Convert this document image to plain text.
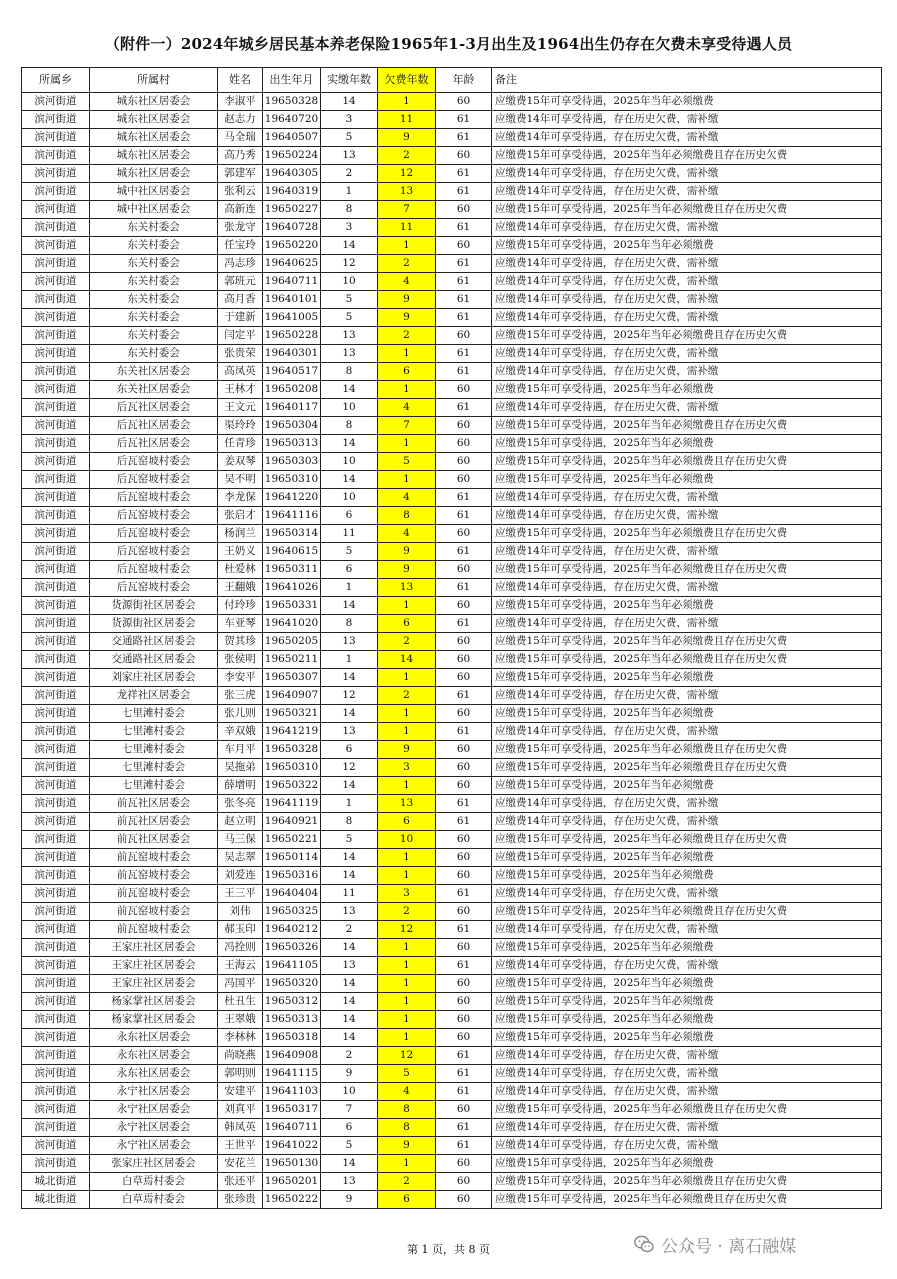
（附件一）2024年城乡居民基本养老保险1965年1-3月出生及1964出生仍存在欠费未享受待遇人员
所属乡	所属村	姓名	出生年月	实缴年数	欠费年数	年龄	备注
滨河街道	城东社区居委会	李淑平	19650328	14	1	60	应缴费15年可享受待遇，2025年当年必须缴费
滨河街道	城东社区居委会	赵志力	19640720	3	11	61	应缴费14年可享受待遇，存在历史欠费，需补缴
滨河街道	城东社区居委会	马全瑞	19640507	5	9	61	应缴费14年可享受待遇，存在历史欠费，需补缴
滨河街道	城东社区居委会	高乃秀	19650224	13	2	60	应缴费15年可享受待遇，2025年当年必须缴费且存在历史欠费
滨河街道	城东社区居委会	郭建军	19640305	2	12	61	应缴费14年可享受待遇，存在历史欠费，需补缴
滨河街道	城中社区居委会	张利云	19640319	1	13	61	应缴费14年可享受待遇，存在历史欠费，需补缴
滨河街道	城中社区居委会	高新连	19650227	8	7	60	应缴费15年可享受待遇，2025年当年必须缴费且存在历史欠费
滨河街道	东关村委会	张龙守	19640728	3	11	61	应缴费14年可享受待遇，存在历史欠费，需补缴
滨河街道	东关村委会	任宝玲	19650220	14	1	60	应缴费15年可享受待遇，2025年当年必须缴费
滨河街道	东关村委会	冯志珍	19640625	12	2	61	应缴费14年可享受待遇，存在历史欠费，需补缴
滨河街道	东关村委会	郭班元	19640711	10	4	61	应缴费14年可享受待遇，存在历史欠费，需补缴
滨河街道	东关村委会	高月香	19640101	5	9	61	应缴费14年可享受待遇，存在历史欠费，需补缴
滨河街道	东关村委会	于建新	19641005	5	9	61	应缴费14年可享受待遇，存在历史欠费，需补缴
滨河街道	东关村委会	闫定平	19650228	13	2	60	应缴费15年可享受待遇，2025年当年必须缴费且存在历史欠费
滨河街道	东关村委会	张贵荣	19640301	13	1	61	应缴费14年可享受待遇，存在历史欠费，需补缴
滨河街道	东关社区居委会	高凤英	19640517	8	6	61	应缴费14年可享受待遇，存在历史欠费，需补缴
滨河街道	东关社区居委会	王林才	19650208	14	1	60	应缴费15年可享受待遇，2025年当年必须缴费
滨河街道	后瓦社区居委会	王文元	19640117	10	4	61	应缴费14年可享受待遇，存在历史欠费，需补缴
滨河街道	后瓦社区居委会	渠玲玲	19650304	8	7	60	应缴费15年可享受待遇，2025年当年必须缴费且存在历史欠费
滨河街道	后瓦社区居委会	任青珍	19650313	14	1	60	应缴费15年可享受待遇，2025年当年必须缴费
滨河街道	后瓦窑坡村委会	姜双琴	19650303	10	5	60	应缴费15年可享受待遇，2025年当年必须缴费且存在历史欠费
滨河街道	后瓦窑坡村委会	吴不明	19650310	14	1	60	应缴费15年可享受待遇，2025年当年必须缴费
滨河街道	后瓦窑坡村委会	李龙保	19641220	10	4	61	应缴费14年可享受待遇，存在历史欠费，需补缴
滨河街道	后瓦窑坡村委会	张启才	19641116	6	8	61	应缴费14年可享受待遇，存在历史欠费，需补缴
滨河街道	后瓦窑坡村委会	杨润兰	19650314	11	4	60	应缴费15年可享受待遇，2025年当年必须缴费且存在历史欠费
滨河街道	后瓦窑坡村委会	王奶义	19640615	5	9	61	应缴费14年可享受待遇，存在历史欠费，需补缴
滨河街道	后瓦窑坡村委会	杜爱林	19650311	6	9	60	应缴费15年可享受待遇，2025年当年必须缴费且存在历史欠费
滨河街道	后瓦窑坡村委会	王翻娥	19641026	1	13	61	应缴费14年可享受待遇，存在历史欠费，需补缴
滨河街道	货源街社区居委会	付玲珍	19650331	14	1	60	应缴费15年可享受待遇，2025年当年必须缴费
滨河街道	货源街社区居委会	车亚琴	19641020	8	6	61	应缴费14年可享受待遇，存在历史欠费，需补缴
滨河街道	交通路社区居委会	贺其珍	19650205	13	2	60	应缴费15年可享受待遇，2025年当年必须缴费且存在历史欠费
滨河街道	交通路社区居委会	张侯明	19650211	1	14	60	应缴费15年可享受待遇，2025年当年必须缴费且存在历史欠费
滨河街道	刘家庄社区居委会	李安平	19650307	14	1	60	应缴费15年可享受待遇，2025年当年必须缴费
滨河街道	龙祥社区居委会	张三虎	19640907	12	2	61	应缴费14年可享受待遇，存在历史欠费，需补缴
滨河街道	七里滩村委会	张儿则	19650321	14	1	60	应缴费15年可享受待遇，2025年当年必须缴费
滨河街道	七里滩村委会	辛双娥	19641219	13	1	61	应缴费14年可享受待遇，存在历史欠费，需补缴
滨河街道	七里滩村委会	车月平	19650328	6	9	60	应缴费15年可享受待遇，2025年当年必须缴费且存在历史欠费
滨河街道	七里滩村委会	吴拖弟	19650310	12	3	60	应缴费15年可享受待遇，2025年当年必须缴费且存在历史欠费
滨河街道	七里滩村委会	薛增明	19650322	14	1	60	应缴费15年可享受待遇，2025年当年必须缴费
滨河街道	前瓦社区居委会	张冬亮	19641119	1	13	61	应缴费14年可享受待遇，存在历史欠费，需补缴
滨河街道	前瓦社区居委会	赵立明	19640921	8	6	61	应缴费14年可享受待遇，存在历史欠费，需补缴
滨河街道	前瓦社区居委会	马三保	19650221	5	10	60	应缴费15年可享受待遇，2025年当年必须缴费且存在历史欠费
滨河街道	前瓦窑坡村委会	吴志翠	19650114	14	1	60	应缴费15年可享受待遇，2025年当年必须缴费
滨河街道	前瓦窑坡村委会	刘爱连	19650316	14	1	60	应缴费15年可享受待遇，2025年当年必须缴费
滨河街道	前瓦窑坡村委会	王三平	19640404	11	3	61	应缴费14年可享受待遇，存在历史欠费，需补缴
滨河街道	前瓦窑坡村委会	刘伟	19650325	13	2	60	应缴费15年可享受待遇，2025年当年必须缴费且存在历史欠费
滨河街道	前瓦窑坡村委会	郝玉印	19640212	2	12	61	应缴费14年可享受待遇，存在历史欠费，需补缴
滨河街道	王家庄社区居委会	冯拴则	19650326	14	1	60	应缴费15年可享受待遇，2025年当年必须缴费
滨河街道	王家庄社区居委会	王海云	19641105	13	1	61	应缴费14年可享受待遇，存在历史欠费，需补缴
滨河街道	王家庄社区居委会	冯国平	19650320	14	1	60	应缴费15年可享受待遇，2025年当年必须缴费
滨河街道	杨家掌社区居委会	杜丑生	19650312	14	1	60	应缴费15年可享受待遇，2025年当年必须缴费
滨河街道	杨家掌社区居委会	王翠娥	19650313	14	1	60	应缴费15年可享受待遇，2025年当年必须缴费
滨河街道	永东社区居委会	李林林	19650318	14	1	60	应缴费15年可享受待遇，2025年当年必须缴费
滨河街道	永东社区居委会	尚晓燕	19640908	2	12	61	应缴费14年可享受待遇，存在历史欠费，需补缴
滨河街道	永东社区居委会	郭明则	19641115	9	5	61	应缴费14年可享受待遇，存在历史欠费，需补缴
滨河街道	永宁社区居委会	安建平	19641103	10	4	61	应缴费14年可享受待遇，存在历史欠费，需补缴
滨河街道	永宁社区居委会	刘真平	19650317	7	8	60	应缴费15年可享受待遇，2025年当年必须缴费且存在历史欠费
滨河街道	永宁社区居委会	韩凤英	19640711	6	8	61	应缴费14年可享受待遇，存在历史欠费，需补缴
滨河街道	永宁社区居委会	王世平	19641022	5	9	61	应缴费14年可享受待遇，存在历史欠费，需补缴
滨河街道	张家庄社区居委会	安花兰	19650130	14	1	60	应缴费15年可享受待遇，2025年当年必须缴费
城北街道	白草焉村委会	张还平	19650201	13	2	60	应缴费15年可享受待遇，2025年当年必须缴费且存在历史欠费
城北街道	白草焉村委会	张珍贵	19650222	9	6	60	应缴费15年可享受待遇，2025年当年必须缴费且存在历史欠费
第 1 页，共 8 页	公众号 · 离石融媒
